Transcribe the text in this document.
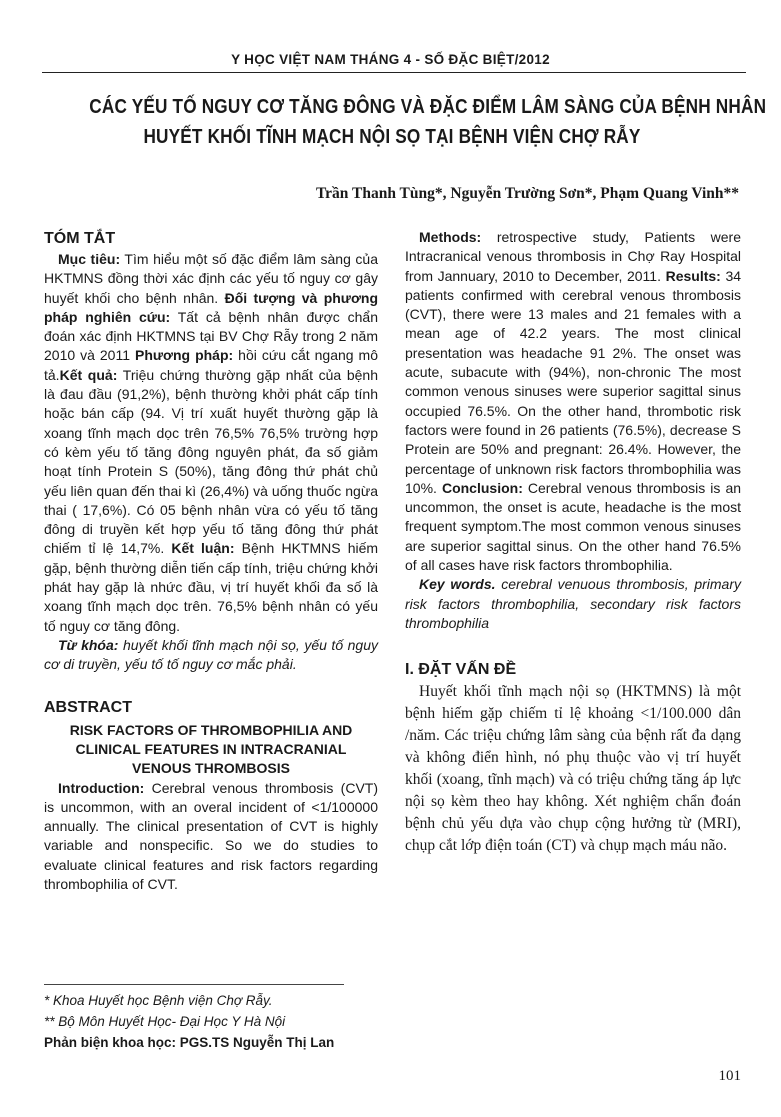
Y HỌC VIỆT NAM THÁNG 4 - SỐ ĐẶC BIỆT/2012
CÁC YẾU TỐ NGUY CƠ TĂNG ĐÔNG VÀ ĐẶC ĐIỂM LÂM SÀNG CỦA BỆNH NHÂN
HUYẾT KHỐI TĨNH MẠCH NỘI SỌ TẠI BỆNH VIỆN CHỢ RẪY
Trần Thanh Tùng*, Nguyễn Trường Sơn*, Phạm Quang Vinh**
TÓM TẮT

Mục tiêu: Tìm hiểu một số đặc điểm lâm sàng của HKTMNS đồng thời xác định các yếu tố nguy cơ gây huyết khối cho bệnh nhân. Đối tượng và phương pháp nghiên cứu: Tất cả bệnh nhân được chẩn đoán xác định HKTMNS tại BV Chợ Rẫy trong 2 năm 2010 và 2011 Phương pháp: hồi cứu cắt ngang mô tả.Kết quả: Triệu chứng thường gặp nhất của bệnh là đau đầu (91,2%), bệnh thường khởi phát cấp tính hoặc bán cấp (94. Vị trí xuất huyết thường gặp là xoang tĩnh mạch dọc trên 76,5% 76,5% trường hợp có kèm yếu tố tăng đông nguyên phát, đa số giảm hoạt tính Protein S (50%), tăng đông thứ phát chủ yếu liên quan đến thai kì (26,4%) và uống thuốc ngừa thai ( 17,6%). Có 05 bệnh nhân vừa có yếu tố tăng đông di truyền kết hợp yếu tố tăng đông thứ phát chiếm tỉ lệ 14,7%. Kết luận: Bệnh HKTMNS hiếm gặp, bệnh thường diễn tiến cấp tính, triệu chứng khởi phát hay gặp là nhức đầu, vị trí huyết khối đa số là xoang tĩnh mạch dọc trên. 76,5% bệnh nhân có yếu tố nguy cơ tăng đông.

Từ khóa: huyết khối tĩnh mạch nội sọ, yếu tố nguy cơ di truyền, yếu tố tố nguy cơ mắc phải.

ABSTRACT
RISK FACTORS OF THROMBOPHILIA AND
CLINICAL FEATURES IN INTRACRANIAL
VENOUS THROMBOSIS

Introduction: Cerebral venous thrombosis (CVT) is uncommon, with an overal incident of <1/100000 annually. The clinical presentation of CVT is highly variable and nonspecific. So we do studies to evaluate clinical features and risk factors regarding thrombophilia of CVT.

* Khoa Huyết học Bệnh viện Chợ Rẫy.
** Bộ Môn Huyết Học- Đại Học Y Hà Nội
Phản biện khoa học: PGS.TS Nguyễn Thị Lan

Methods: retrospective study, Patients were Intracranical venous thrombosis in Chợ Ray Hospital from Jannuary, 2010 to December, 2011. Results: 34 patients confirmed with cerebral venous thrombosis (CVT), there were 13 males and 21 females with a mean age of 42.2 years. The most clinical presentation was headache 91 2%. The onset was acute, subacute with (94%), non-chronic The most common venous sinuses were superior sagittal sinus occupied 76.5%. On the other hand, thrombotic risk factors were found in 26 patients (76.5%), decrease S Protein are 50% and pregnant: 26.4%. However, the percentage of unknown risk factors thrombophilia was 10%. Conclusion: Cerebral venous thrombosis is an uncommon, the onset is acute, headache is the most frequent symptom.The most common venous sinuses are superior sagittal sinus. On the other hand 76.5% of all cases have risk factors thrombophilia.

Key words. cerebral venuous thrombosis, primary risk factors thrombophilia, secondary risk factors thrombophilia

I. ĐẶT VẤN ĐỀ

Huyết khối tĩnh mạch nội sọ (HKTMNS) là một bệnh hiếm gặp chiếm tỉ lệ khoảng <1/100.000 dân /năm. Các triệu chứng lâm sàng của bệnh rất đa dạng và không điển hình, nó phụ thuộc vào vị trí huyết khối (xoang, tĩnh mạch) và có triệu chứng tăng áp lực nội sọ kèm theo hay không. Xét nghiệm chẩn đoán bệnh chủ yếu dựa vào chụp cộng hưởng từ (MRI), chụp cắt lớp điện toán (CT) và chụp mạch máu não.

101
